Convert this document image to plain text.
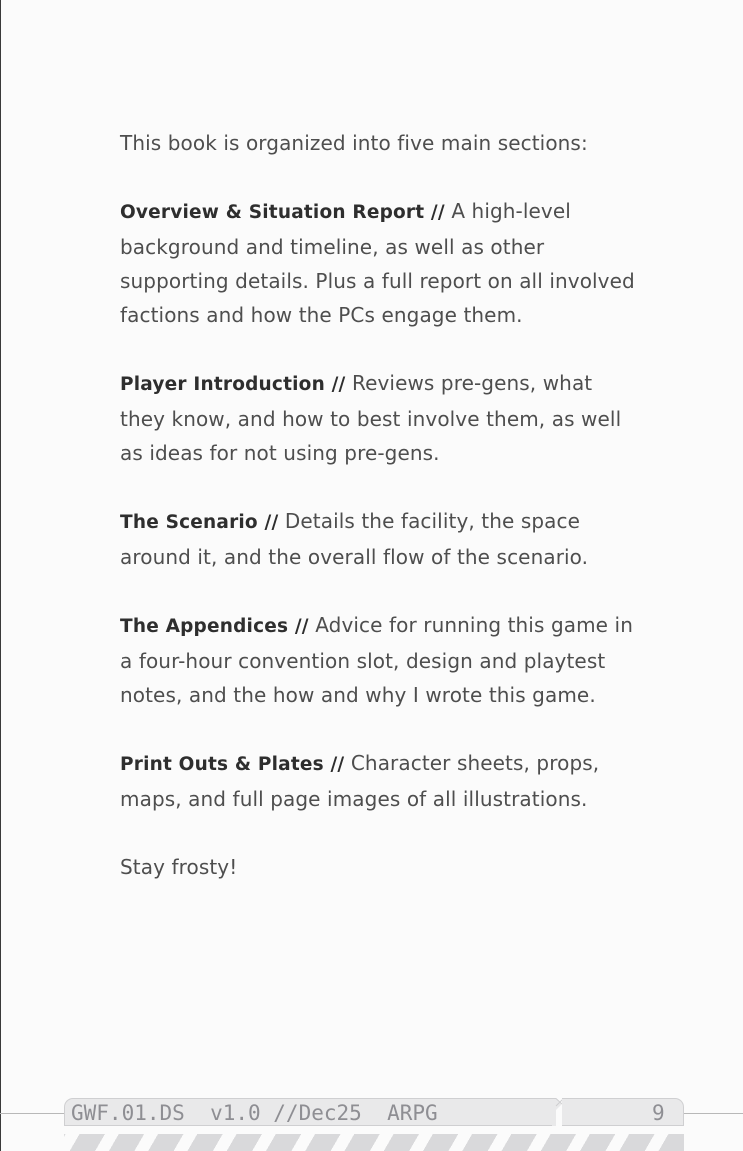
This book is organized into five main sections:

Overview & Situation Report // A high-level background and timeline, as well as other supporting details. Plus a full report on all involved factions and how the PCs engage them.

Player Introduction // Reviews pre-gens, what they know, and how to best involve them, as well as ideas for not using pre-gens.

The Scenario // Details the facility, the space around it, and the overall flow of the scenario.

The Appendices // Advice for running this game in a four-hour convention slot, design and playtest notes, and the how and why I wrote this game.

Print Outs & Plates // Character sheets, props, maps, and full page images of all illustrations.

Stay frosty!

GWF.01.DS  v1.0 //Dec25  ARPG	9
